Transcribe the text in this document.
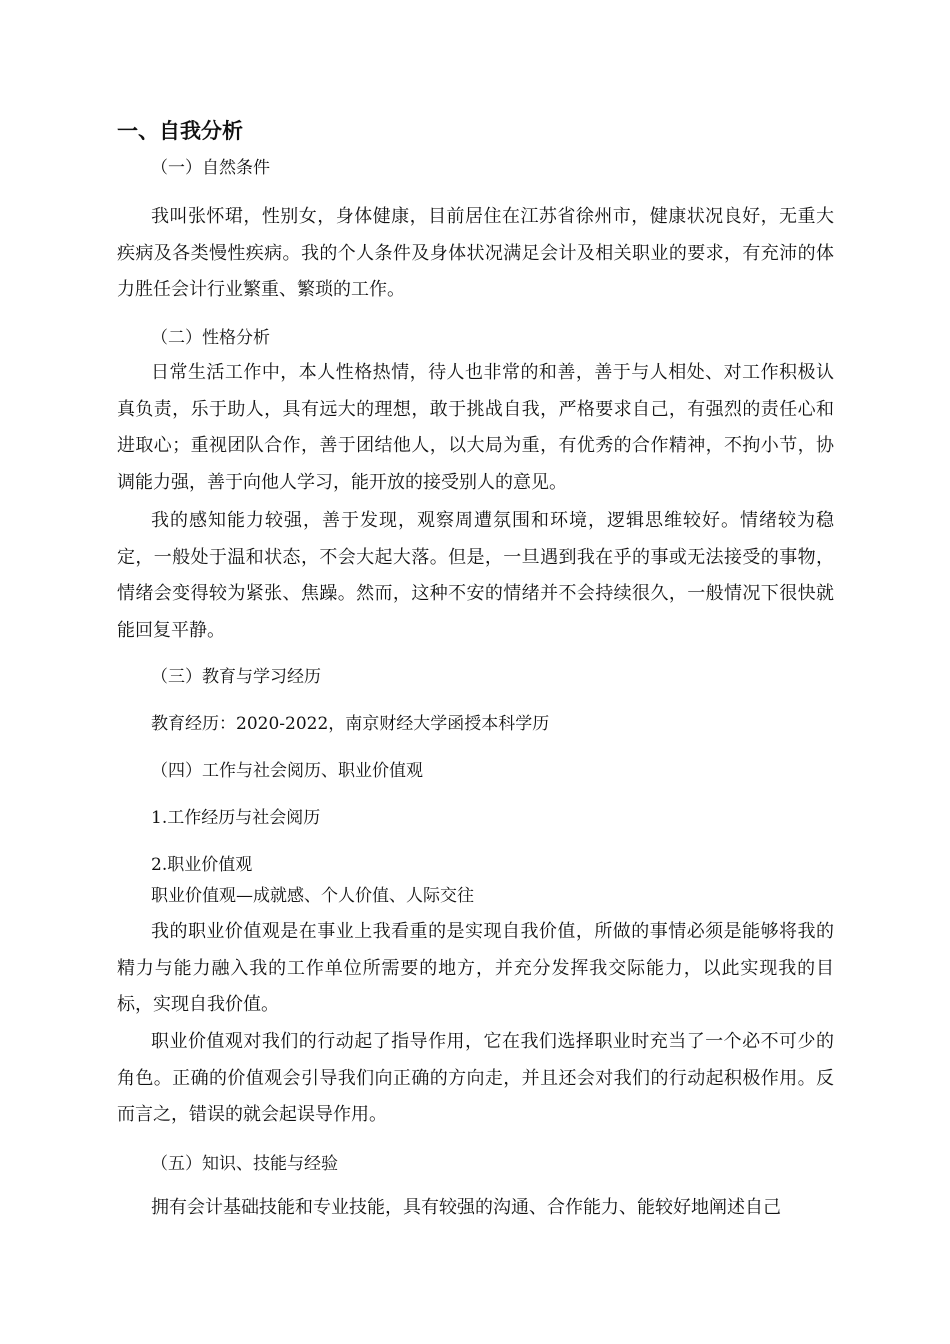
一、自我分析
（一）自然条件

我叫张怀珺，性别女，身体健康，目前居住在江苏省徐州市，健康状况良好，无重大疾病及各类慢性疾病。我的个人条件及身体状况满足会计及相关职业的要求，有充沛的体力胜任会计行业繁重、繁琐的工作。

（二）性格分析

日常生活工作中，本人性格热情，待人也非常的和善，善于与人相处、对工作积极认真负责，乐于助人，具有远大的理想，敢于挑战自我，严格要求自己，有强烈的责任心和进取心；重视团队合作，善于团结他人，以大局为重，有优秀的合作精神，不拘小节，协调能力强，善于向他人学习，能开放的接受别人的意见。

我的感知能力较强，善于发现，观察周遭氛围和环境，逻辑思维较好。情绪较为稳定，一般处于温和状态，不会大起大落。但是，一旦遇到我在乎的事或无法接受的事物，情绪会变得较为紧张、焦躁。然而，这种不安的情绪并不会持续很久，一般情况下很快就能回复平静。

（三）教育与学习经历
教育经历：2020-2022，南京财经大学函授本科学历
（四）工作与社会阅历、职业价值观
1.工作经历与社会阅历
2.职业价值观
职业价值观—成就感、个人价值、人际交往

我的职业价值观是在事业上我看重的是实现自我价值，所做的事情必须是能够将我的精力与能力融入我的工作单位所需要的地方，并充分发挥我交际能力，以此实现我的目标，实现自我价值。

职业价值观对我们的行动起了指导作用，它在我们选择职业时充当了一个必不可少的角色。正确的价值观会引导我们向正确的方向走，并且还会对我们的行动起积极作用。反而言之，错误的就会起误导作用。

（五）知识、技能与经验

拥有会计基础技能和专业技能，具有较强的沟通、合作能力、能较好地阐述自己
